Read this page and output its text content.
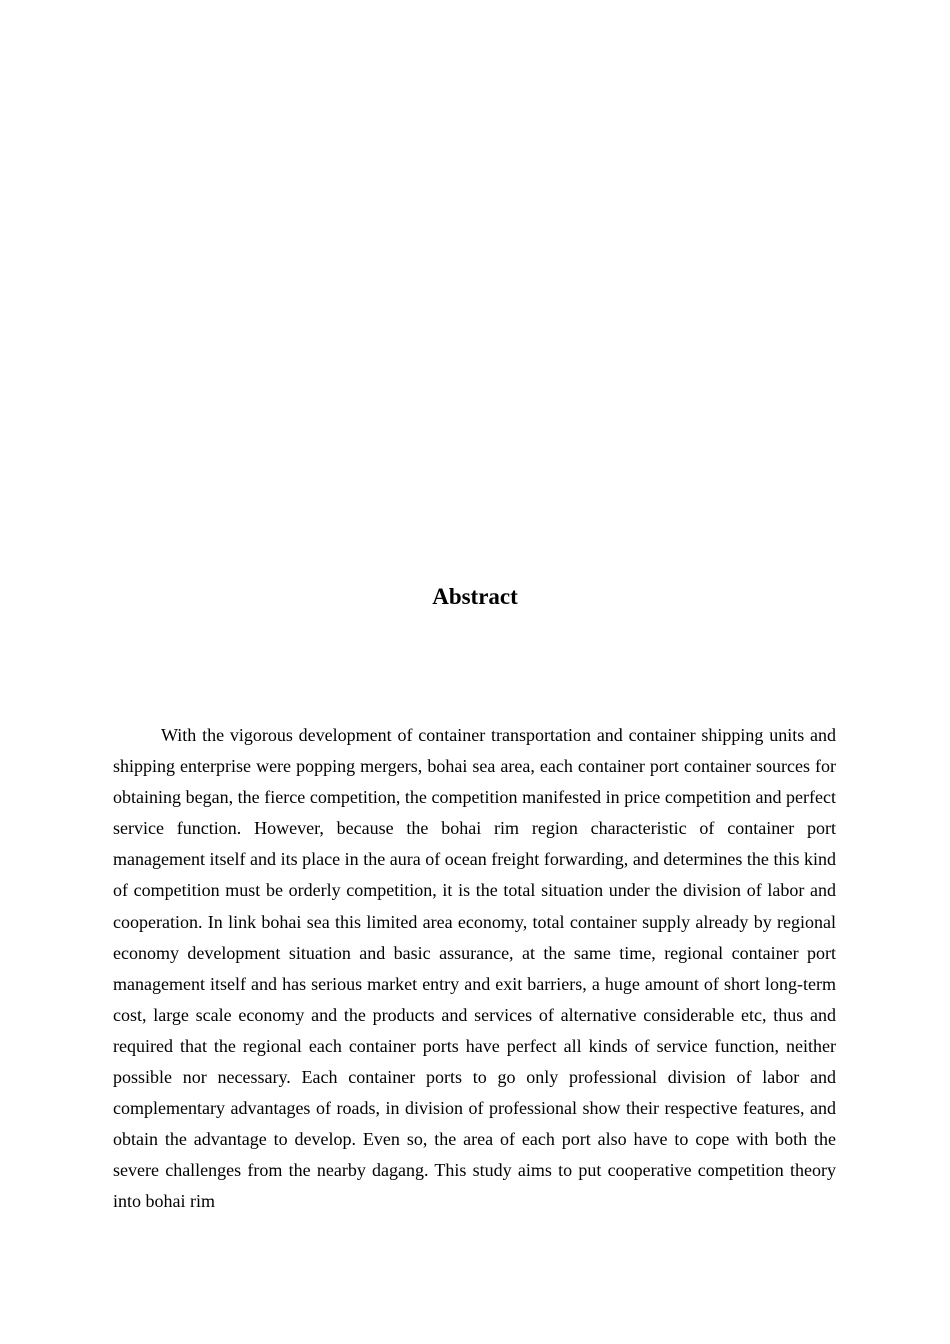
Abstract

With the vigorous development of container transportation and container shipping units and shipping enterprise were popping mergers, bohai sea area, each container port container sources for obtaining began, the fierce competition, the competition manifested in price competition and perfect service function. However, because the bohai rim region characteristic of container port management itself and its place in the aura of ocean freight forwarding, and determines the this kind of competition must be orderly competition, it is the total situation under the division of labor and cooperation. In link bohai sea this limited area economy, total container supply already by regional economy development situation and basic assurance, at the same time, regional container port management itself and has serious market entry and exit barriers, a huge amount of short long-term cost, large scale economy and the products and services of alternative considerable etc, thus and required that the regional each container ports have perfect all kinds of service function, neither possible nor necessary. Each container ports to go only professional division of labor and complementary advantages of roads, in division of professional show their respective features, and obtain the advantage to develop. Even so, the area of each port also have to cope with both the severe challenges from the nearby dagang. This study aims to put cooperative competition theory into bohai rim
